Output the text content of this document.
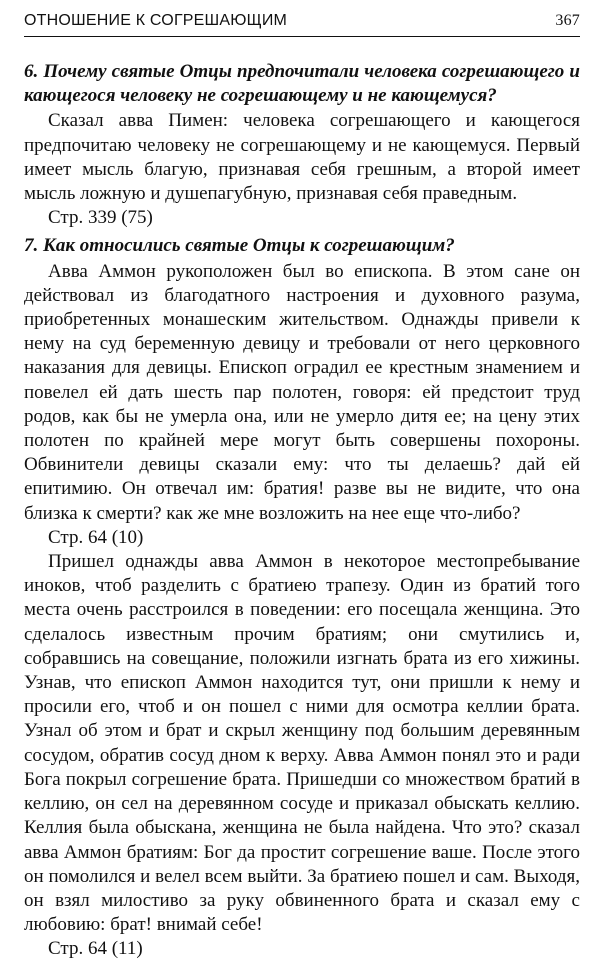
ОТНОШЕНИЕ К СОГРЕШАЮЩИМ	367

6. Почему святые Отцы предпочитали человека согрешающего и кающегося человеку не согрешающему и не кающемуся?

Сказал авва Пимен: человека согрешающего и кающегося предпочитаю человеку не согрешающему и не кающемуся. Первый имеет мысль благую, признавая себя грешным, а второй имеет мысль ложную и душепагубную, признавая себя праведным.

Стр. 339 (75)

7. Как относились святые Отцы к согрешающим?

Авва Аммон рукоположен был во епископа. В этом сане он действовал из благодатного настроения и духовного разума, приобретенных монашеским жительством. Однажды привели к нему на суд беременную девицу и требовали от него церковного наказания для девицы. Епископ оградил ее крестным знамением и повелел ей дать шесть пар полотен, говоря: ей предстоит труд родов, как бы не умерла она, или не умерло дитя ее; на цену этих полотен по крайней мере могут быть совершены похороны. Обвинители девицы сказали ему: что ты делаешь? дай ей епитимию. Он отвечал им: братия! разве вы не видите, что она близка к смерти? как же мне возложить на нее еще что-либо?

Стр. 64 (10)

Пришел однажды авва Аммон в некоторое местопребывание иноков, чтоб разделить с братиею трапезу. Один из братий того места очень расстроился в поведении: его посещала женщина. Это сделалось известным прочим братиям; они смутились и, собравшись на совещание, положили изгнать брата из его хижины. Узнав, что епископ Аммон находится тут, они пришли к нему и просили его, чтоб и он пошел с ними для осмотра келлии брата. Узнал об этом и брат и скрыл женщину под большим деревянным сосудом, обратив сосуд дном к верху. Авва Аммон понял это и ради Бога покрыл согрешение брата. Пришедши со множеством братий в келлию, он сел на деревянном сосуде и приказал обыскать келлию. Келлия была обыскана, женщина не была найдена. Что это? сказал авва Аммон братиям: Бог да простит согрешение ваше. После этого он помолился и велел всем выйти. За братиею пошел и сам. Выходя, он взял милостиво за руку обвиненного брата и сказал ему с любовию: брат! внимай себе!

Стр. 64 (11)
